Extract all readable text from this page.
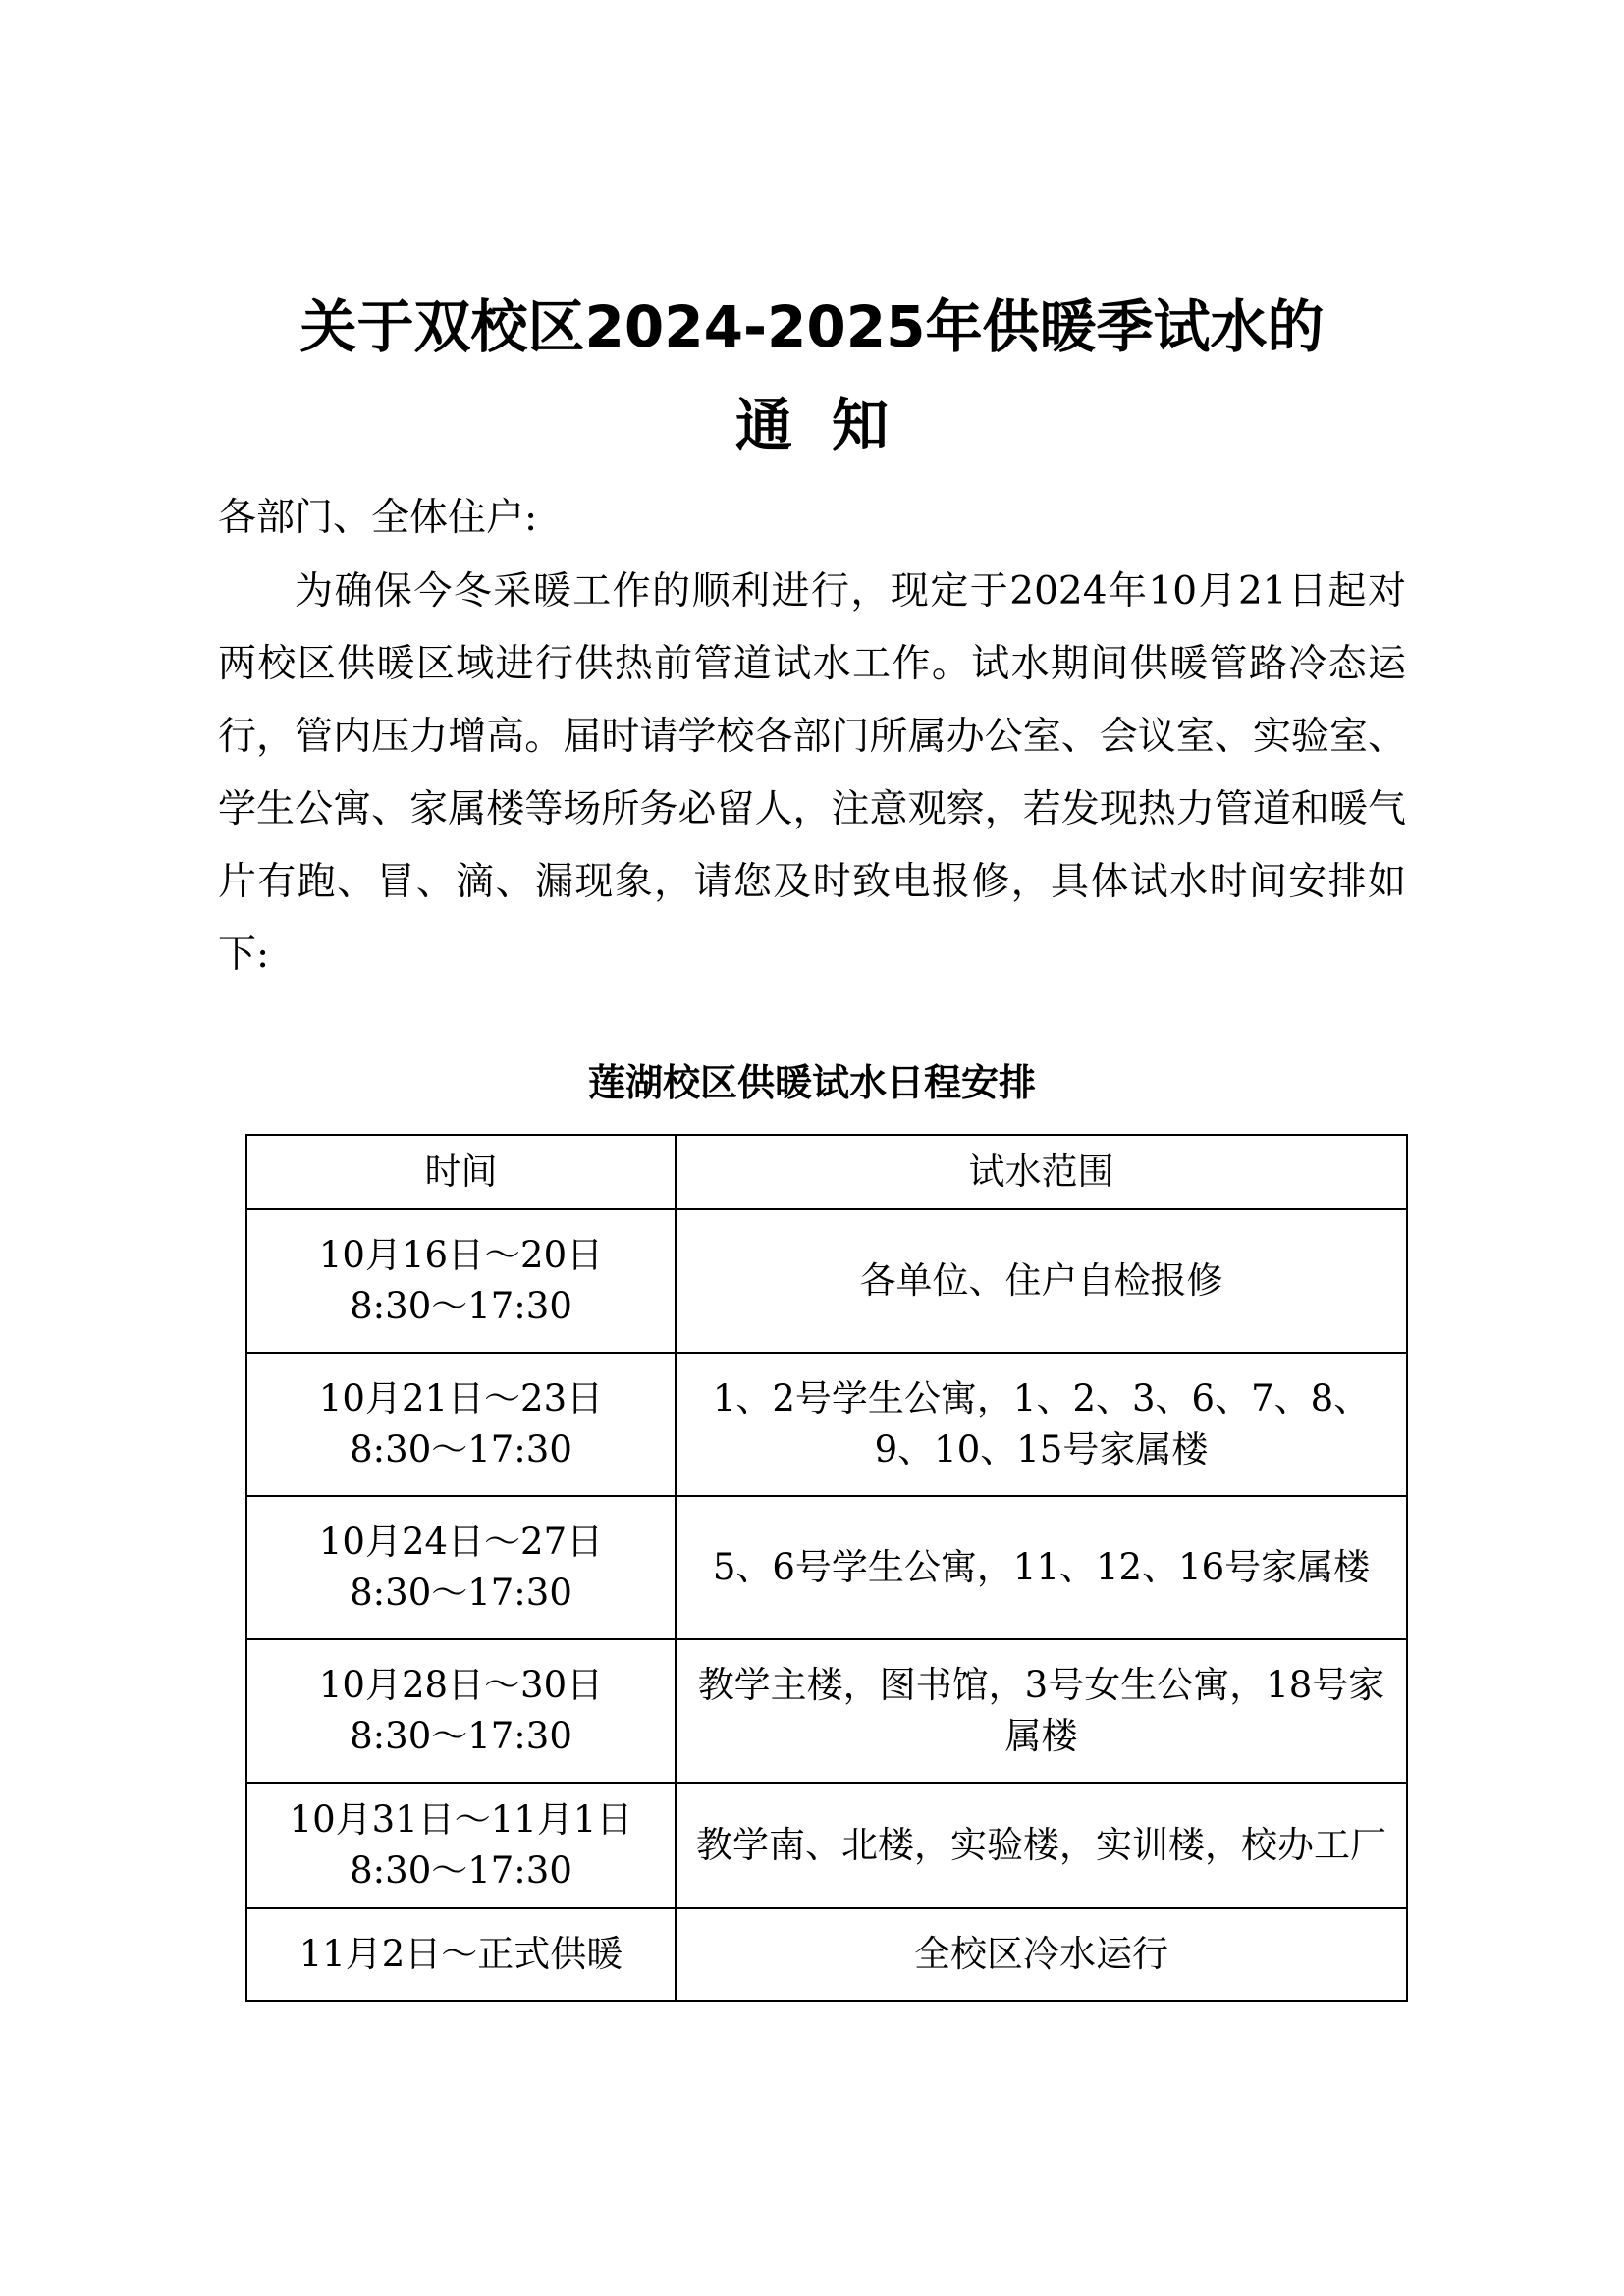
关于双校区2024-2025年供暖季试水的
通知
各部门、全体住户:
为确保今冬采暖工作的顺利进行，现定于2024年10月21日起对两校区供暖区域进行供热前管道试水工作。试水期间供暖管路冷态运行，管内压力增高。届时请学校各部门所属办公室、会议室、实验室、学生公寓、家属楼等场所务必留人，注意观察，若发现热力管道和暖气片有跑、冒、滴、漏现象，请您及时致电报修，具体试水时间安排如下:
莲湖校区供暖试水日程安排
时间	试水范围

10月16日～20日
8:30～17:30	各单位、住户自检报修

10月21日～23日
8:30～17:30	1、2号学生公寓，1、2、3、6、7、8、9、10、15号家属楼

10月24日～27日
8:30～17:30	5、6号学生公寓，11、12、16号家属楼

10月28日～30日
8:30～17:30	教学主楼，图书馆，3号女生公寓，18号家属楼

10月31日～11月1日
8:30～17:30	教学南、北楼，实验楼，实训楼，校办工厂

11月2日～正式供暖	全校区冷水运行
